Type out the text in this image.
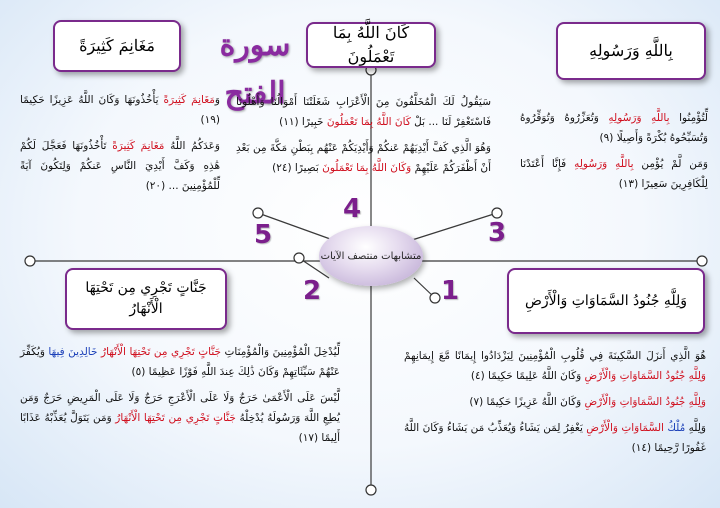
سورة الفتح
بِاللَّهِ وَرَسُولِهِ
كَانَ اللَّهُ بِمَا تَعْمَلُونَ
مَغَانِمَ كَثِيرَةً
جَنَّاتٍ تَجْرِي مِن تَحْتِهَا الْأَنْهَارُ
وَلِلَّهِ جُنُودُ السَّمَاوَاتِ وَالْأَرْضِ
لِّتُؤْمِنُوا بِاللَّهِ وَرَسُولِهِ وَتُعَزِّرُوهُ وَتُوَقِّرُوهُ وَتُسَبِّحُوهُ بُكْرَةً وَأَصِيلًا (٩)
وَمَن لَّمْ يُؤْمِن بِاللَّهِ وَرَسُولِهِ فَإِنَّا أَعْتَدْنَا لِلْكَافِرِينَ سَعِيرًا (١٣)
سَيَقُولُ لَكَ الْمُخَلَّفُونَ مِنَ الْأَعْرَابِ شَغَلَتْنَا أَمْوَالُنَا وَأَهْلُونَا فَاسْتَغْفِرْ لَنَا ... بَلْ كَانَ اللَّهُ بِمَا تَعْمَلُونَ خَبِيرًا (١١)
وَهُوَ الَّذِي كَفَّ أَيْدِيَهُمْ عَنكُمْ وَأَيْدِيَكُمْ عَنْهُم بِبَطْنِ مَكَّةَ مِن بَعْدِ أَنْ أَظْفَرَكُمْ عَلَيْهِمْ وَكَانَ اللَّهُ بِمَا تَعْمَلُونَ بَصِيرًا (٢٤)
وَمَغَانِمَ كَثِيرَةً يَأْخُذُونَهَا وَكَانَ اللَّهُ عَزِيزًا حَكِيمًا (١٩)
وَعَدَكُمُ اللَّهُ مَغَانِمَ كَثِيرَةً تَأْخُذُونَهَا فَعَجَّلَ لَكُمْ هَٰذِهِ وَكَفَّ أَيْدِيَ النَّاسِ عَنكُمْ وَلِتَكُونَ آيَةً لِّلْمُؤْمِنِينَ ... (٢٠)
لِّيُدْخِلَ الْمُؤْمِنِينَ وَالْمُؤْمِنَاتِ جَنَّاتٍ تَجْرِي مِن تَحْتِهَا الْأَنْهَارُ خَالِدِينَ فِيهَا وَيُكَفِّرَ عَنْهُمْ سَيِّئَاتِهِمْ وَكَانَ ذَٰلِكَ عِندَ اللَّهِ فَوْزًا عَظِيمًا (٥)
لَّيْسَ عَلَى الْأَعْمَىٰ حَرَجٌ وَلَا عَلَى الْأَعْرَجِ حَرَجٌ وَلَا عَلَى الْمَرِيضِ حَرَجٌ وَمَن يُطِعِ اللَّهَ وَرَسُولَهُ يُدْخِلْهُ جَنَّاتٍ تَجْرِي مِن تَحْتِهَا الْأَنْهَارُ وَمَن يَتَوَلَّ يُعَذِّبْهُ عَذَابًا أَلِيمًا (١٧)
هُوَ الَّذِي أَنزَلَ السَّكِينَةَ فِي قُلُوبِ الْمُؤْمِنِينَ لِيَزْدَادُوا إِيمَانًا مَّعَ إِيمَانِهِمْ وَلِلَّهِ جُنُودُ السَّمَاوَاتِ وَالْأَرْضِ وَكَانَ اللَّهُ عَلِيمًا حَكِيمًا (٤)
وَلِلَّهِ جُنُودُ السَّمَاوَاتِ وَالْأَرْضِ وَكَانَ اللَّهُ عَزِيزًا حَكِيمًا (٧)
وَلِلَّهِ مُلْكُ السَّمَاوَاتِ وَالْأَرْضِ يَغْفِرُ لِمَن يَشَاءُ وَيُعَذِّبُ مَن يَشَاءُ وَكَانَ اللَّهُ غَفُورًا رَّحِيمًا (١٤)
متشابهات منتصف الآيات
1
2
3
4
5
